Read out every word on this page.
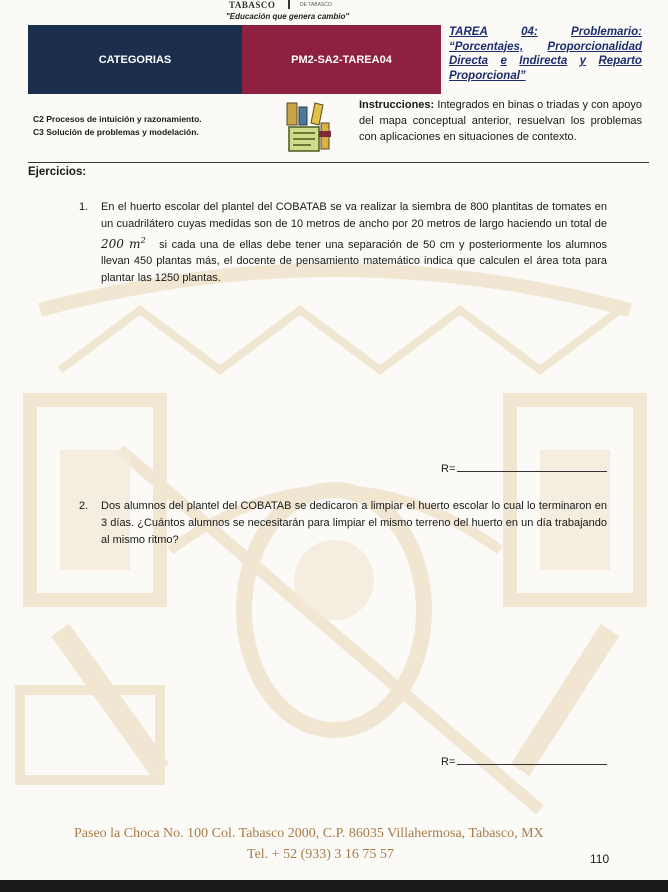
TABASCO	DE TABASCO
"Educación que genera cambio"
CATEGORIAS	PM2-SA2-TAREA04
TAREA	04:	Problemario:
“Porcentajes, Proporcionalidad
Directa e Indirecta y Reparto
Proporcional”
C2 Procesos de intuición y razonamiento.
C3 Solución de problemas y modelación.
Instrucciones: Integrados en binas o triadas y con apoyo del mapa conceptual anterior, resuelvan los problemas con aplicaciones en situaciones de contexto.
Ejercicios:
1. En el huerto escolar del plantel del COBATAB se va realizar la siembra de 800 plantitas de tomates en un cuadrilátero cuyas medidas son de 10 metros de ancho por 20 metros de largo haciendo un total de 200 $m^2$ si cada una de ellas debe tener una separación de 50 cm y posteriormente los alumnos llevan 450 plantas más, el docente de pensamiento matemático indica que calculen el área tota para plantar las 1250 plantas.
R=
2. Dos alumnos del plantel del COBATAB se dedicaron a limpiar el huerto escolar lo cual lo terminaron en 3 días. ¿Cuántos alumnos se necesitarán para limpiar el mismo terreno del huerto en un día trabajando al mismo ritmo?
R=
Paseo la Choca No. 100 Col. Tabasco 2000, C.P. 86035 Villahermosa, Tabasco, MX
Tel. + 52 (933) 3 16 75 57	110
